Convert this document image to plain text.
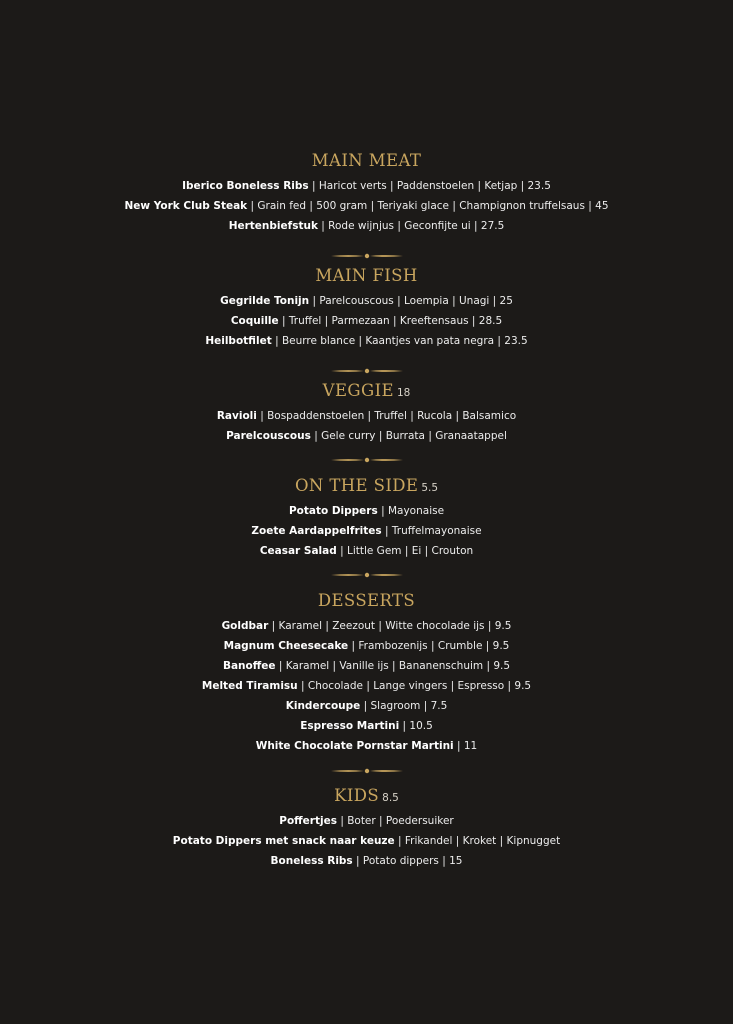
MAIN MEAT
Iberico Boneless Ribs | Haricot verts | Paddenstoelen | Ketjap | 23.5
New York Club Steak | Grain fed | 500 gram | Teriyaki glace | Champignon truffelsaus | 45
Hertenbiefstuk | Rode wijnjus | Geconfijte ui | 27.5
MAIN FISH
Gegrilde Tonijn | Parelcouscous | Loempia | Unagi | 25
Coquille | Truffel | Parmezaan | Kreeftensaus | 28.5
Heilbotfilet | Beurre blance | Kaantjes van pata negra | 23.5
VEGGIE 18
Ravioli | Bospaddenstoelen | Truffel | Rucola | Balsamico
Parelcouscous | Gele curry | Burrata | Granaatappel
ON THE SIDE 5.5
Potato Dippers | Mayonaise
Zoete Aardappelfrites | Truffelmayonaise
Ceasar Salad | Little Gem | Ei | Crouton
DESSERTS
Goldbar | Karamel | Zeezout | Witte chocolade ijs | 9.5
Magnum Cheesecake | Frambozenijs | Crumble | 9.5
Banoffee | Karamel | Vanille ijs | Bananenschuim | 9.5
Melted Tiramisu | Chocolade | Lange vingers | Espresso | 9.5
Kindercoupe | Slagroom | 7.5
Espresso Martini | 10.5
White Chocolate Pornstar Martini | 11
KIDS 8.5
Poffertjes | Boter | Poedersuiker
Potato Dippers met snack naar keuze | Frikandel | Kroket | Kipnugget
Boneless Ribs | Potato dippers | 15
